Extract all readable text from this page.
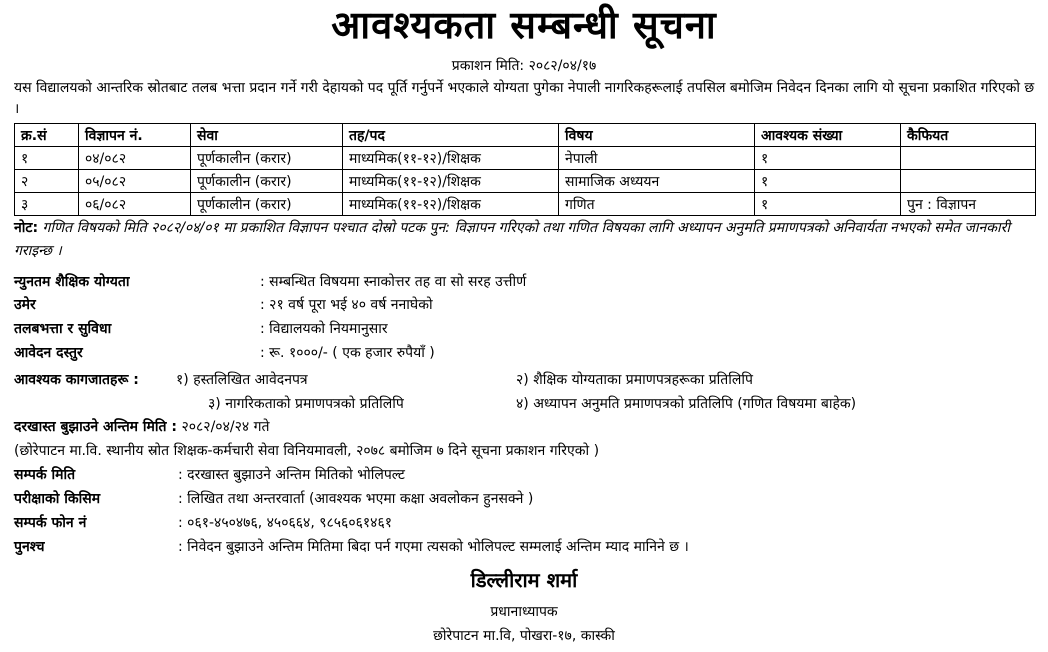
आवश्यकता सम्बन्धी सूचना
प्रकाशन मिति: २०८२/०४/१७
यस विद्यालयको आन्तरिक स्रोतबाट तलब भत्ता प्रदान गर्ने गरी देहायको पद पूर्ति गर्नुपर्ने भएकाले योग्यता पुगेका नेपाली नागरिकहरूलाई तपसिल बमोजिम निवेदन दिनका लागि यो सूचना प्रकाशित गरिएको छ ।
क्र.सं	विज्ञापन नं.	सेवा	तह/पद	विषय	आवश्यक संख्या	कैफियत
१	०४/०८२	पूर्णकालीन (करार)	माध्यमिक(११-१२)/शिक्षक	नेपाली	१	
२	०५/०८२	पूर्णकालीन (करार)	माध्यमिक(११-१२)/शिक्षक	सामाजिक अध्ययन	१	
३	०६/०८२	पूर्णकालीन (करार)	माध्यमिक(११-१२)/शिक्षक	गणित	१	पुन : विज्ञापन
नोट: गणित विषयको मिति २०८२/०४/०१ मा प्रकाशित विज्ञापन पश्चात दोस्रो पटक पुन: विज्ञापन गरिएको तथा गणित विषयका लागि अध्यापन अनुमति प्रमाणपत्रको अनिवार्यता नभएको समेत जानकारी गराइन्छ ।
न्युनतम शैक्षिक योग्यता	: सम्बन्धित विषयमा स्नाकोत्तर तह वा सो सरह उत्तीर्ण
उमेर	: २१ वर्ष पूरा भई ४० वर्ष ननाघेको
तलबभत्ता र सुविधा	: विद्यालयको नियमानुसार
आवेदन दस्तुर	: रू. १०००/- ( एक हजार रुपैयाँ )
आवश्यक कागजातहरू :	१) हस्तलिखित आवेदनपत्र	२) शैक्षिक योग्यताका प्रमाणपत्रहरूका प्रतिलिपि
३) नागरिकताको प्रमाणपत्रको प्रतिलिपि	४) अध्यापन अनुमति प्रमाणपत्रको प्रतिलिपि (गणित विषयमा बाहेक)
दरखास्त बुझाउने अन्तिम मिति : २०८२/०४/२४ गते
(छोरेपाटन मा.वि. स्थानीय स्रोत शिक्षक-कर्मचारी सेवा विनियमावली, २०७८ बमोजिम ७ दिने सूचना प्रकाशन गरिएको )
सम्पर्क मिति	: दरखास्त बुझाउने अन्तिम मितिको भोलिपल्ट
परीक्षाको किसिम	: लिखित तथा अन्तरवार्ता (आवश्यक भएमा कक्षा अवलोकन हुनसक्ने )
सम्पर्क फोन नं	: ०६१-४५०४७६, ४५०६६४, ९८५६०६१४६१
पुनश्च	: निवेदन बुझाउने अन्तिम मितिमा बिदा पर्न गएमा त्यसको भोलिपल्ट सम्मलाई अन्तिम म्याद मानिने छ ।
डिल्लीराम शर्मा
प्रधानाध्यापक
छोरेपाटन मा.वि, पोखरा-१७, कास्की
